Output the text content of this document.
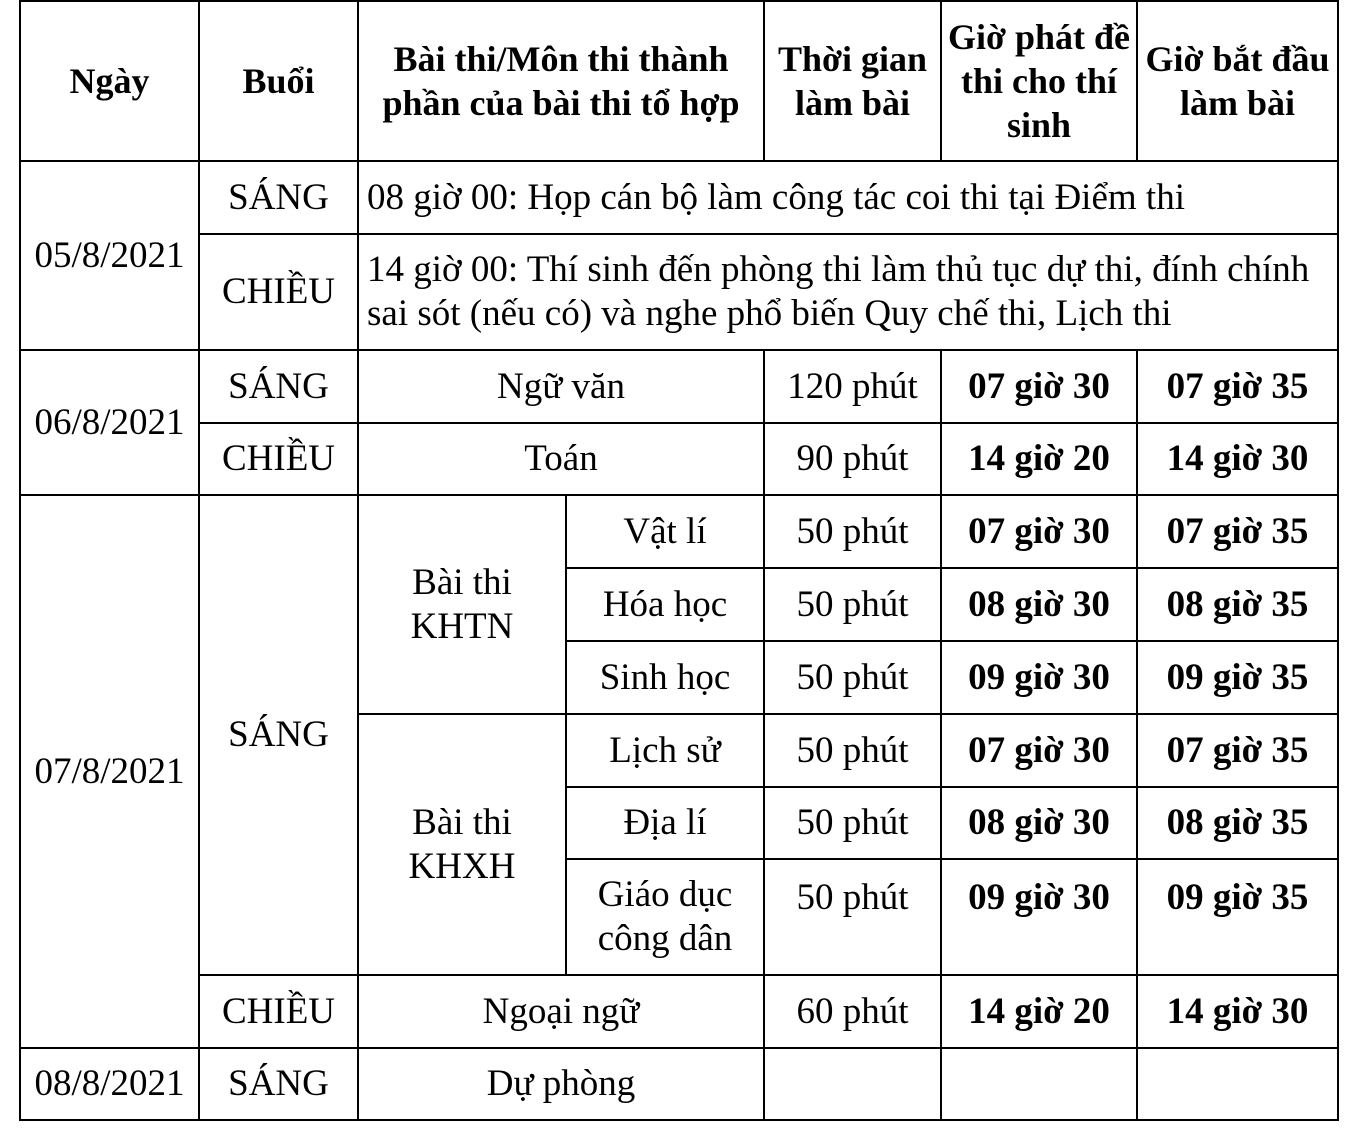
Ngày	Buổi	Bài thi/Môn thi thành phần của bài thi tổ hợp		Thời gian làm bài	Giờ phát đề thi cho thí sinh	Giờ bắt đầu làm bài
05/8/2021	SÁNG	08 giờ 00: Họp cán bộ làm công tác coi thi tại Điểm thi				
	CHIỀU	14 giờ 00: Thí sinh đến phòng thi làm thủ tục dự thi, đính chính sai sót (nếu có) và nghe phổ biến Quy chế thi, Lịch thi				
06/8/2021	SÁNG	Ngữ văn		120 phút	07 giờ 30	07 giờ 35
	CHIỀU	Toán		90 phút	14 giờ 20	14 giờ 30
07/8/2021	SÁNG	Bài thi KHTN	Vật lí	50 phút	07 giờ 30	07 giờ 35
			Hóa học	50 phút	08 giờ 30	08 giờ 35
			Sinh học	50 phút	09 giờ 30	09 giờ 35
		Bài thi KHXH	Lịch sử	50 phút	07 giờ 30	07 giờ 35
			Địa lí	50 phút	08 giờ 30	08 giờ 35
			Giáo dục công dân	50 phút	09 giờ 30	09 giờ 35
	CHIỀU	Ngoại ngữ		60 phút	14 giờ 20	14 giờ 30
08/8/2021	SÁNG	Dự phòng				
